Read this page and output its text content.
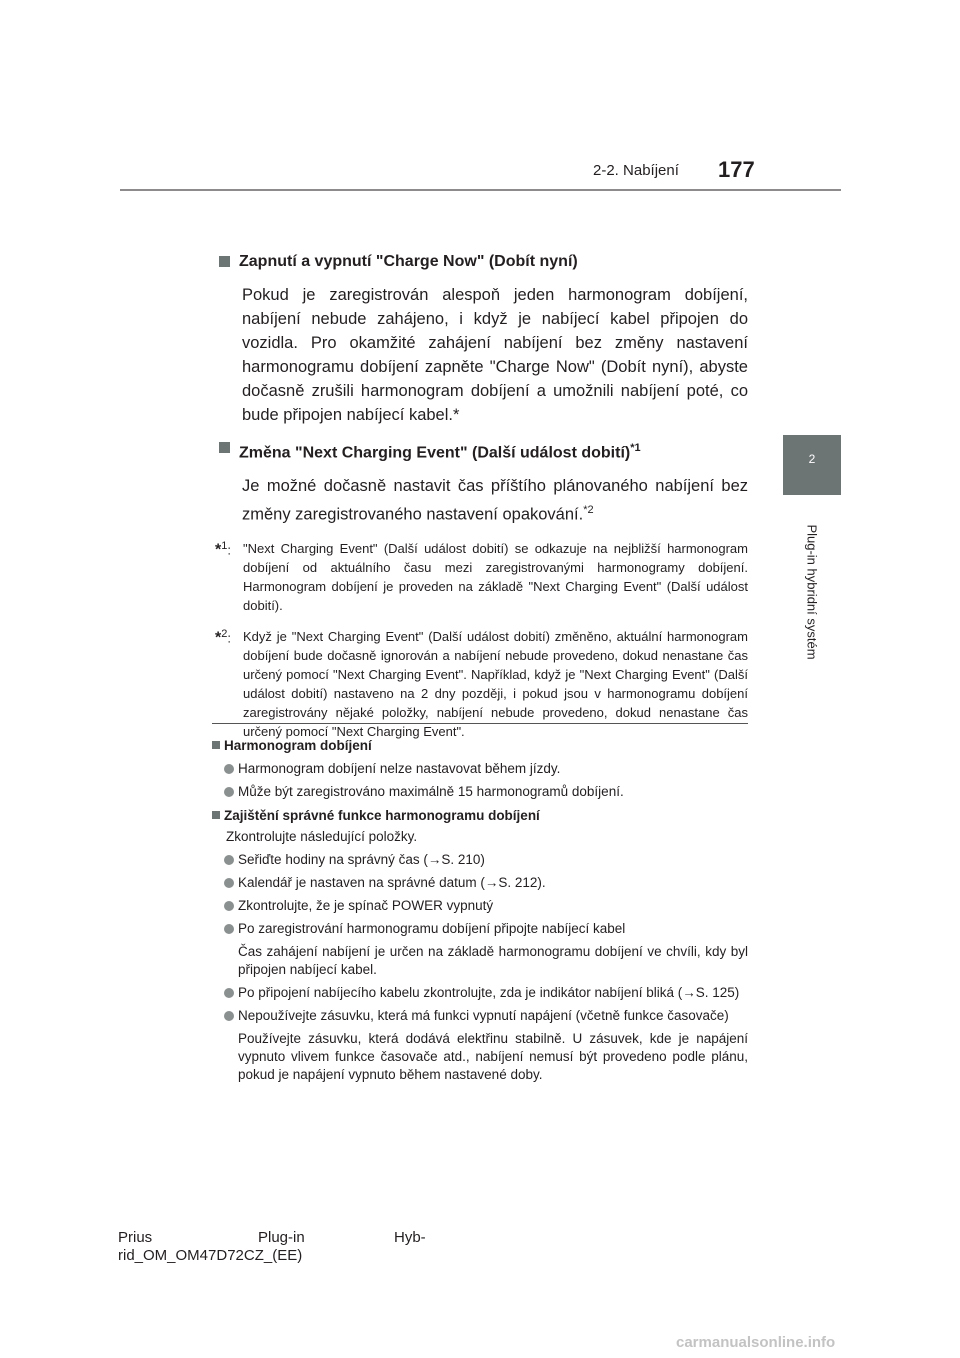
2-2. Nabíjení 177
2
Plug-in hybridní systém

Zapnutí a vypnutí "Charge Now" (Dobít nyní)

Pokud je zaregistrován alespoň jeden harmonogram dobíjení, nabíjení nebude zahájeno, i když je nabíjecí kabel připojen do vozidla. Pro okamžité zahájení nabíjení bez změny nastavení harmonogramu dobíjení zapněte "Charge Now" (Dobít nyní), abyste dočasně zrušili harmonogram dobíjení a umožnili nabíjení poté, co bude připojen nabíjecí kabel.*

Změna "Next Charging Event" (Další událost dobití)$^{*1}$

Je možné dočasně nastavit čas příštího plánovaného nabíjení bez změny zaregistrovaného nastavení opakování.$^{*2}$

*$^1$: "Next Charging Event" (Další událost dobití) se odkazuje na nejbližší harmonogram dobíjení od aktuálního času mezi zaregistrovanými harmonogramy dobíjení. Harmonogram dobíjení je proveden na základě "Next Charging Event" (Další událost dobití).
*$^2$: Když je "Next Charging Event" (Další událost dobití) změněno, aktuální harmonogram dobíjení bude dočasně ignorován a nabíjení nebude provedeno, dokud nenastane čas určený pomocí "Next Charging Event". Například, když je "Next Charging Event" (Další událost dobití) nastaveno na 2 dny později, i pokud jsou v harmonogramu dobíjení zaregistrovány nějaké položky, nabíjení nebude provedeno, dokud nenastane čas určený pomocí "Next Charging Event".
Harmonogram dobíjení
Harmonogram dobíjení nelze nastavovat během jízdy.
Může být zaregistrováno maximálně 15 harmonogramů dobíjení.
Zajištění správné funkce harmonogramu dobíjení
Zkontrolujte následující položky.
Seřiďte hodiny na správný čas (→S. 210)
Kalendář je nastaven na správné datum (→S. 212).
Zkontrolujte, že je spínač POWER vypnutý
Po zaregistrování harmonogramu dobíjení připojte nabíjecí kabel
Čas zahájení nabíjení je určen na základě harmonogramu dobíjení ve chvíli, kdy byl připojen nabíjecí kabel.
Po připojení nabíjecího kabelu zkontrolujte, zda je indikátor nabíjení bliká (→S. 125)
Nepoužívejte zásuvku, která má funkci vypnutí napájení (včetně funkce časovače)
Používejte zásuvku, která dodává elektřinu stabilně. U zásuvek, kde je napájení vypnuto vlivem funkce časovače atd., nabíjení nemusí být provedeno podle plánu, pokud je napájení vypnuto během nastavené doby.
Prius	Plug-in	Hyb-
rid_OM_OM47D72CZ_(EE)
carmanualsonline.info
